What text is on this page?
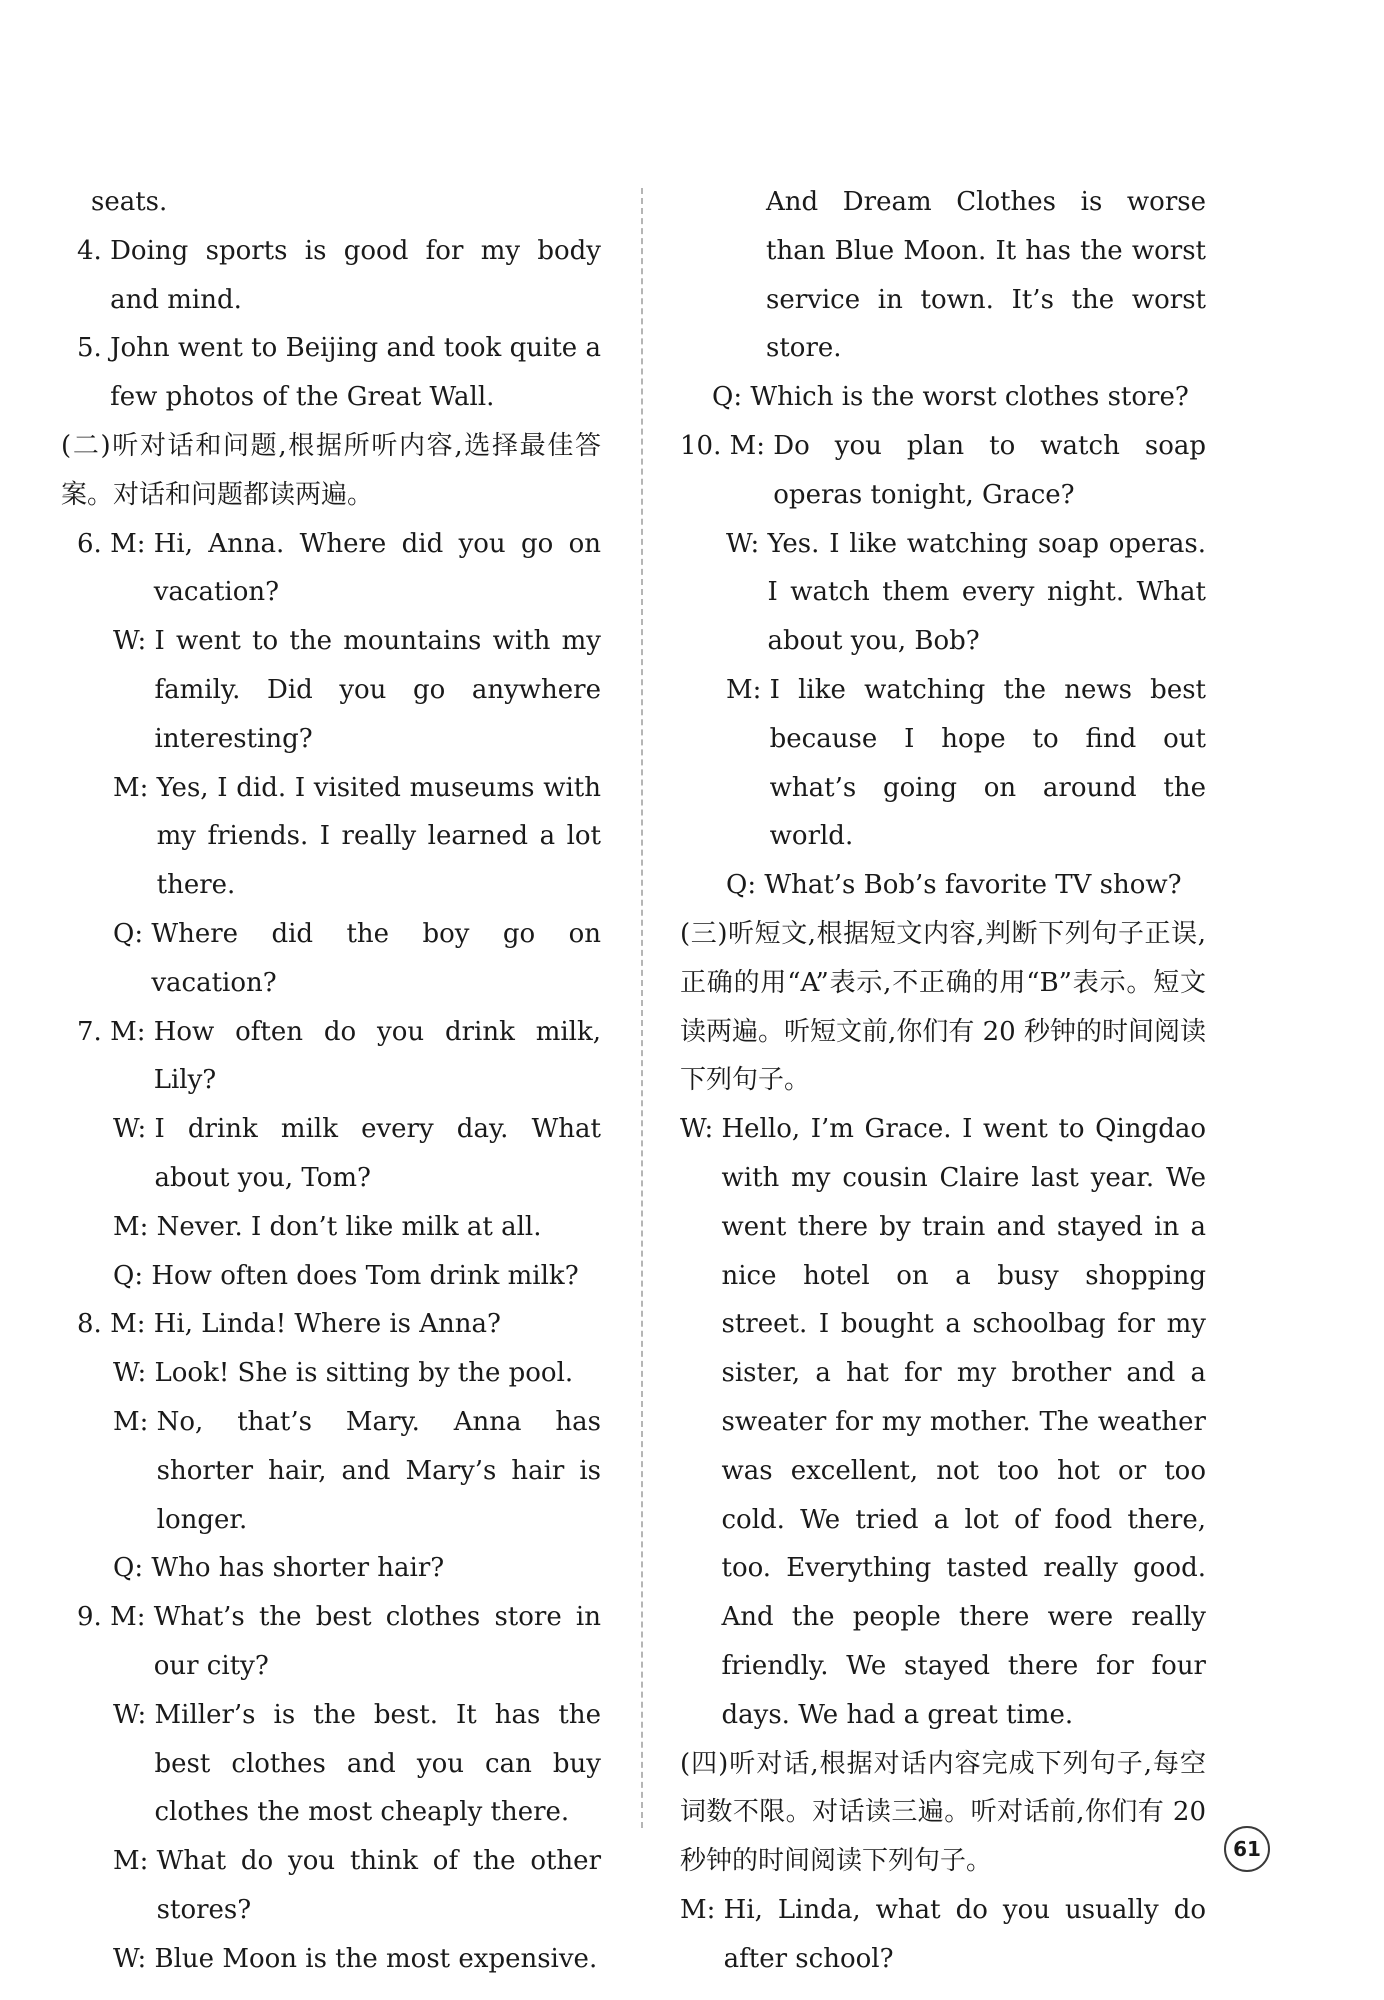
seats.
4. Doing sports is good for my body and mind.
5. John went to Beijing and took quite a few photos of the Great Wall.
(二)听对话和问题,根据所听内容,选择最佳答案。对话和问题都读两遍。
6. M: Hi, Anna. Where did you go on vacation?
W: I went to the mountains with my family. Did you go anywhere interesting?
M: Yes, I did. I visited museums with my friends. I really learned a lot there.
Q: Where did the boy go on vacation?
7. M: How often do you drink milk, Lily?
W: I drink milk every day. What about you, Tom?
M: Never. I don’t like milk at all.
Q: How often does Tom drink milk?
8. M: Hi, Linda! Where is Anna?
W: Look! She is sitting by the pool.
M: No, that’s Mary. Anna has shorter hair, and Mary’s hair is longer.
Q: Who has shorter hair?
9. M: What’s the best clothes store in our city?
W: Miller’s is the best. It has the best clothes and you can buy clothes the most cheaply there.
M: What do you think of the other stores?
W: Blue Moon is the most expensive.
And Dream Clothes is worse than Blue Moon. It has the worst service in town. It’s the worst store.
Q: Which is the worst clothes store?
10. M: Do you plan to watch soap operas tonight, Grace?
W: Yes. I like watching soap operas. I watch them every night. What about you, Bob?
M: I like watching the news best because I hope to find out what’s going on around the world.
Q: What’s Bob’s favorite TV show?
(三)听短文,根据短文内容,判断下列句子正误,正确的用“A”表示,不正确的用“B”表示。短文读两遍。听短文前,你们有 20 秒钟的时间阅读下列句子。
W: Hello, I’m Grace. I went to Qingdao with my cousin Claire last year. We went there by train and stayed in a nice hotel on a busy shopping street. I bought a schoolbag for my sister, a hat for my brother and a sweater for my mother. The weather was excellent, not too hot or too cold. We tried a lot of food there, too. Everything tasted really good. And the people there were really friendly. We stayed there for four days. We had a great time.
(四)听对话,根据对话内容完成下列句子,每空词数不限。对话读三遍。听对话前,你们有 20 秒钟的时间阅读下列句子。
M: Hi, Linda, what do you usually do after school?
61
